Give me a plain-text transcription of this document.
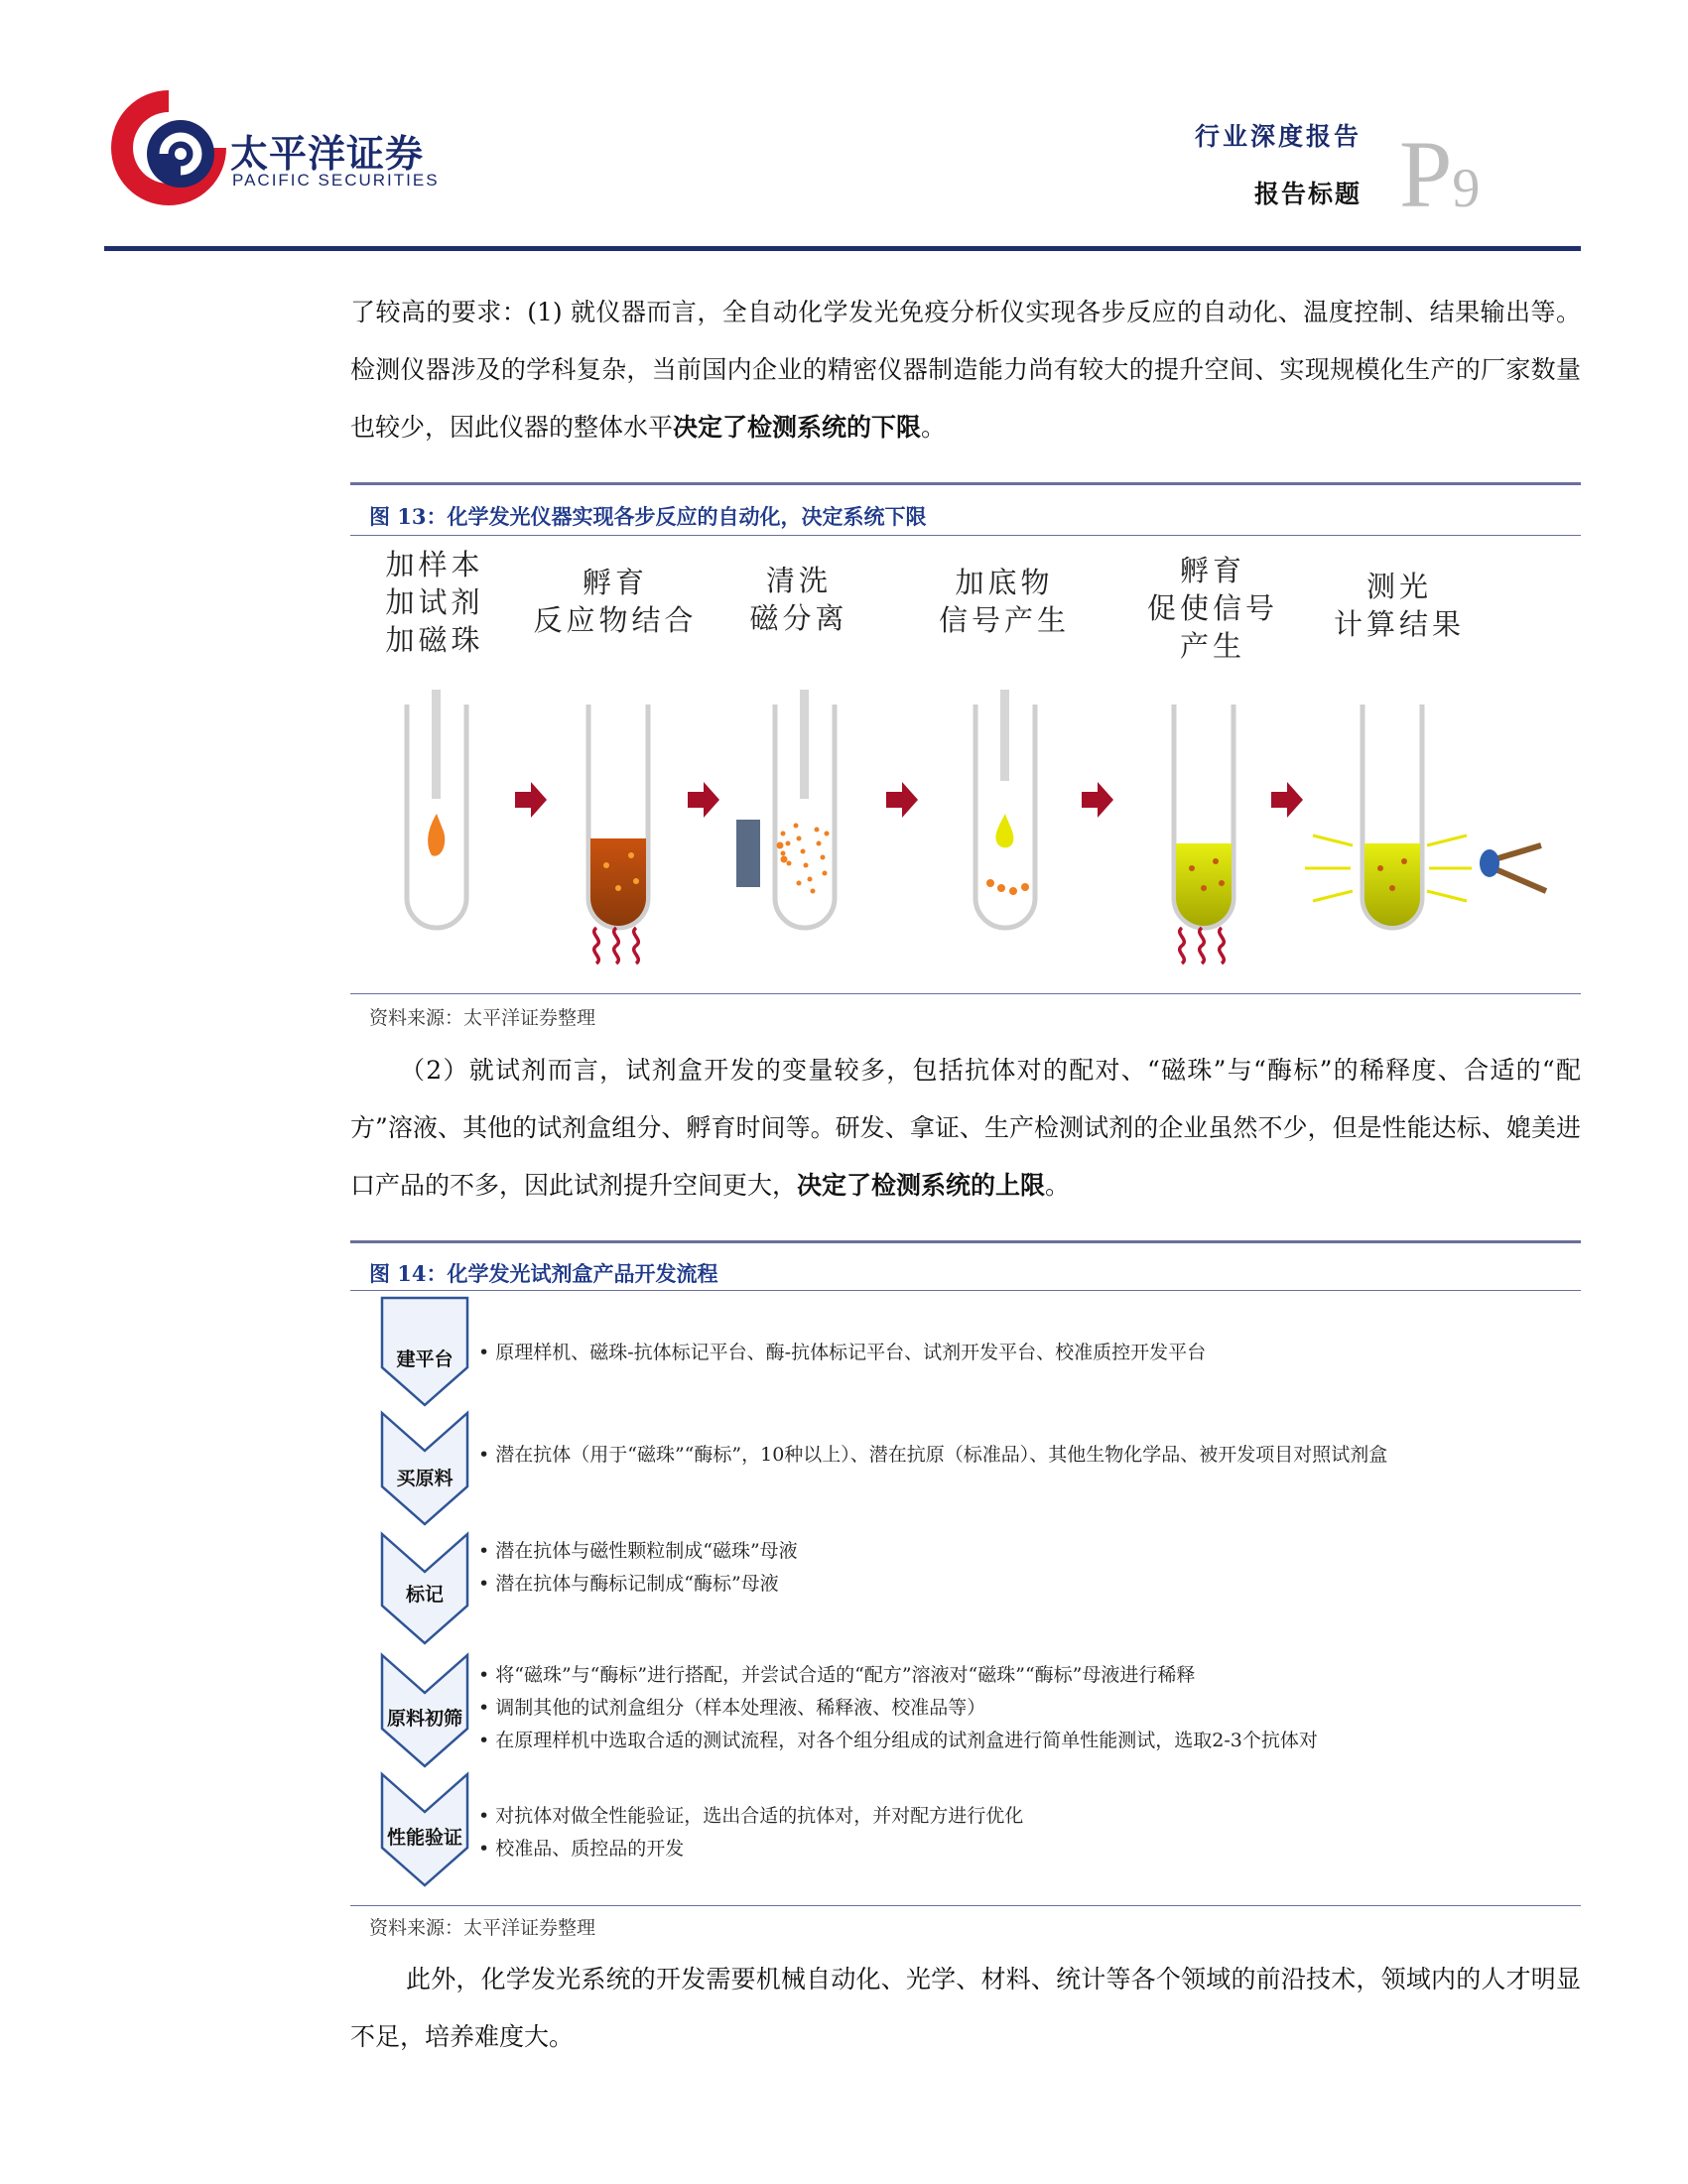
太平洋证券
PACIFIC SECURITIES
行业深度报告
报告标题 P9
了较高的要求：(1) 就仪器而言，全自动化学发光免疫分析仪实现各步反应的自动化、温度控制、结果输出等。检测仪器涉及的学科复杂，当前国内企业的精密仪器制造能力尚有较大的提升空间、实现规模化生产的厂家数量也较少，因此仪器的整体水平决定了检测系统的下限。
图 13：化学发光仪器实现各步反应的自动化，决定系统下限
加样本
加试剂
加磁珠
孵育
反应物结合
清洗
磁分离
加底物
信号产生
孵育
促使信号
产生
测光
计算结果
资料来源：太平洋证券整理
（2）就试剂而言，试剂盒开发的变量较多，包括抗体对的配对、“磁珠”与“酶标”的稀释度、合适的“配方”溶液、其他的试剂盒组分、孵育时间等。研发、拿证、生产检测试剂的企业虽然不少，但是性能达标、媲美进口产品的不多，因此试剂提升空间更大，决定了检测系统的上限。
图 14：化学发光试剂盒产品开发流程
建平台
买原料
标记
原料初筛
性能验证
• 原理样机、磁珠-抗体标记平台、酶-抗体标记平台、试剂开发平台、校准质控开发平台
• 潜在抗体（用于“磁珠”“酶标”，10种以上）、潜在抗原（标准品）、其他生物化学品、被开发项目对照试剂盒
• 潜在抗体与磁性颗粒制成“磁珠”母液
• 潜在抗体与酶标记制成“酶标”母液
• 将“磁珠”与“酶标”进行搭配，并尝试合适的“配方”溶液对“磁珠”“酶标”母液进行稀释
• 调制其他的试剂盒组分（样本处理液、稀释液、校准品等）
• 在原理样机中选取合适的测试流程，对各个组分组成的试剂盒进行简单性能测试，选取2-3个抗体对
• 对抗体对做全性能验证，选出合适的抗体对，并对配方进行优化
• 校准品、质控品的开发
资料来源：太平洋证券整理
此外，化学发光系统的开发需要机械自动化、光学、材料、统计等各个领域的前沿技术，领域内的人才明显不足，培养难度大。
